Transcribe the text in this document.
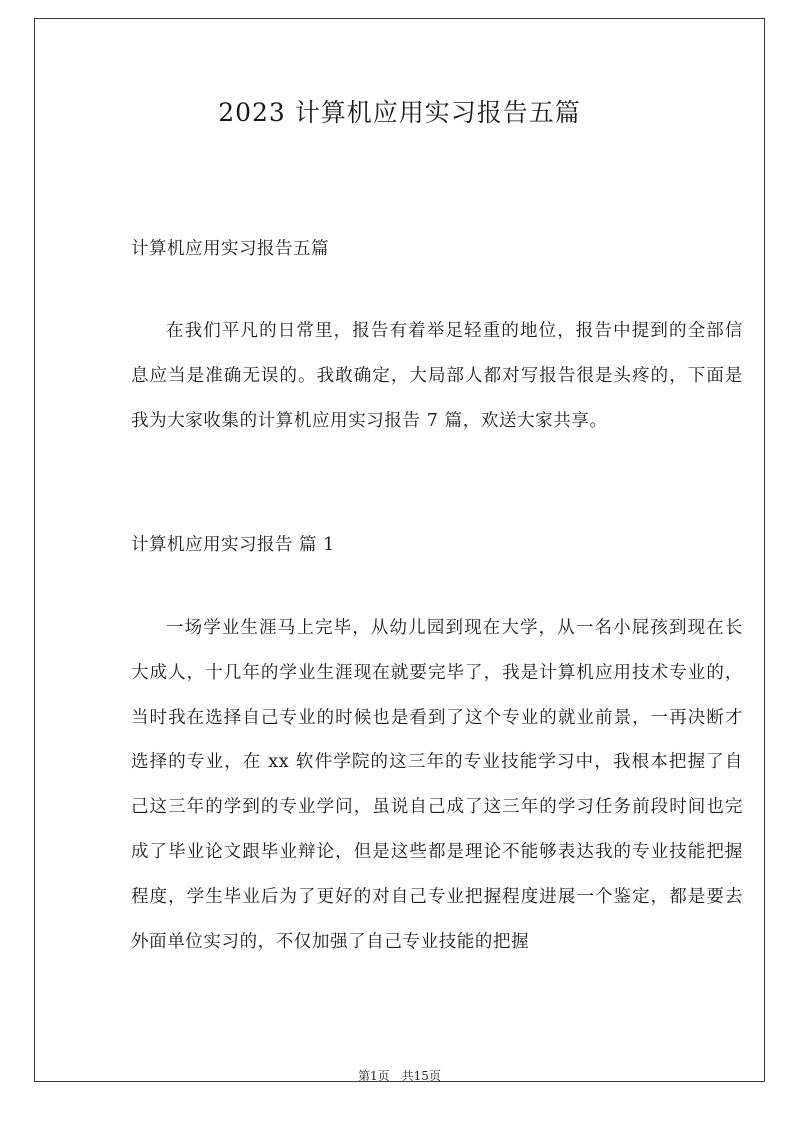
2023 计算机应用实习报告五篇

计算机应用实习报告五篇

在我们平凡的日常里，报告有着举足轻重的地位，报告中提到的全部信息应当是准确无误的。我敢确定，大局部人都对写报告很是头疼的，下面是我为大家收集的计算机应用实习报告 7 篇，欢送大家共享。

计算机应用实习报告 篇 1

一场学业生涯马上完毕，从幼儿园到现在大学，从一名小屁孩到现在长大成人，十几年的学业生涯现在就要完毕了，我是计算机应用技术专业的，当时我在选择自己专业的时候也是看到了这个专业的就业前景，一再决断才选择的专业，在 xx 软件学院的这三年的专业技能学习中，我根本把握了自己这三年的学到的专业学问，虽说自己成了这三年的学习任务前段时间也完成了毕业论文跟毕业辩论，但是这些都是理论不能够表达我的专业技能把握程度，学生毕业后为了更好的对自己专业把握程度进展一个鉴定，都是要去外面单位实习的，不仅加强了自己专业技能的把握

第1页 共15页
